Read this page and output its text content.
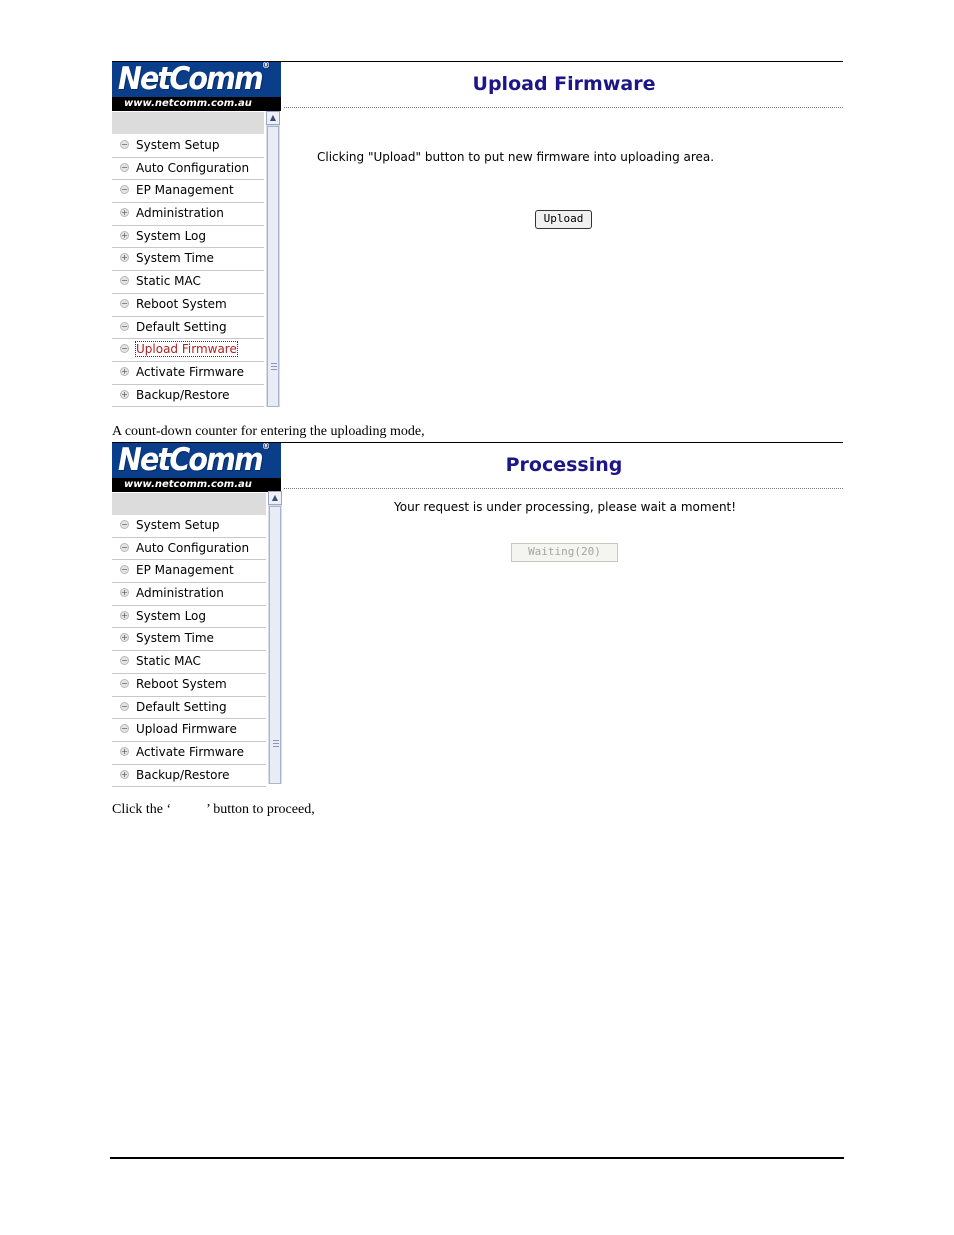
NetComm®
www.netcomm.com.au
Upload Firmware
▲
− System Setup
− Auto Configuration
− EP Management
+ Administration
+ System Log
+ System Time
− Static MAC
− Reboot System
− Default Setting
− Upload Firmware
+ Activate Firmware
+ Backup/Restore
Clicking "Upload" button to put new firmware into uploading area.
Upload
A count-down counter for entering the uploading mode,
NetComm®
www.netcomm.com.au
Processing
▲
− System Setup
− Auto Configuration
− EP Management
+ Administration
+ System Log
+ System Time
− Static MAC
− Reboot System
− Default Setting
− Upload Firmware
+ Activate Firmware
+ Backup/Restore
Your request is under processing, please wait a moment!
Waiting(20)
Click the ‘          ’ button to proceed,
